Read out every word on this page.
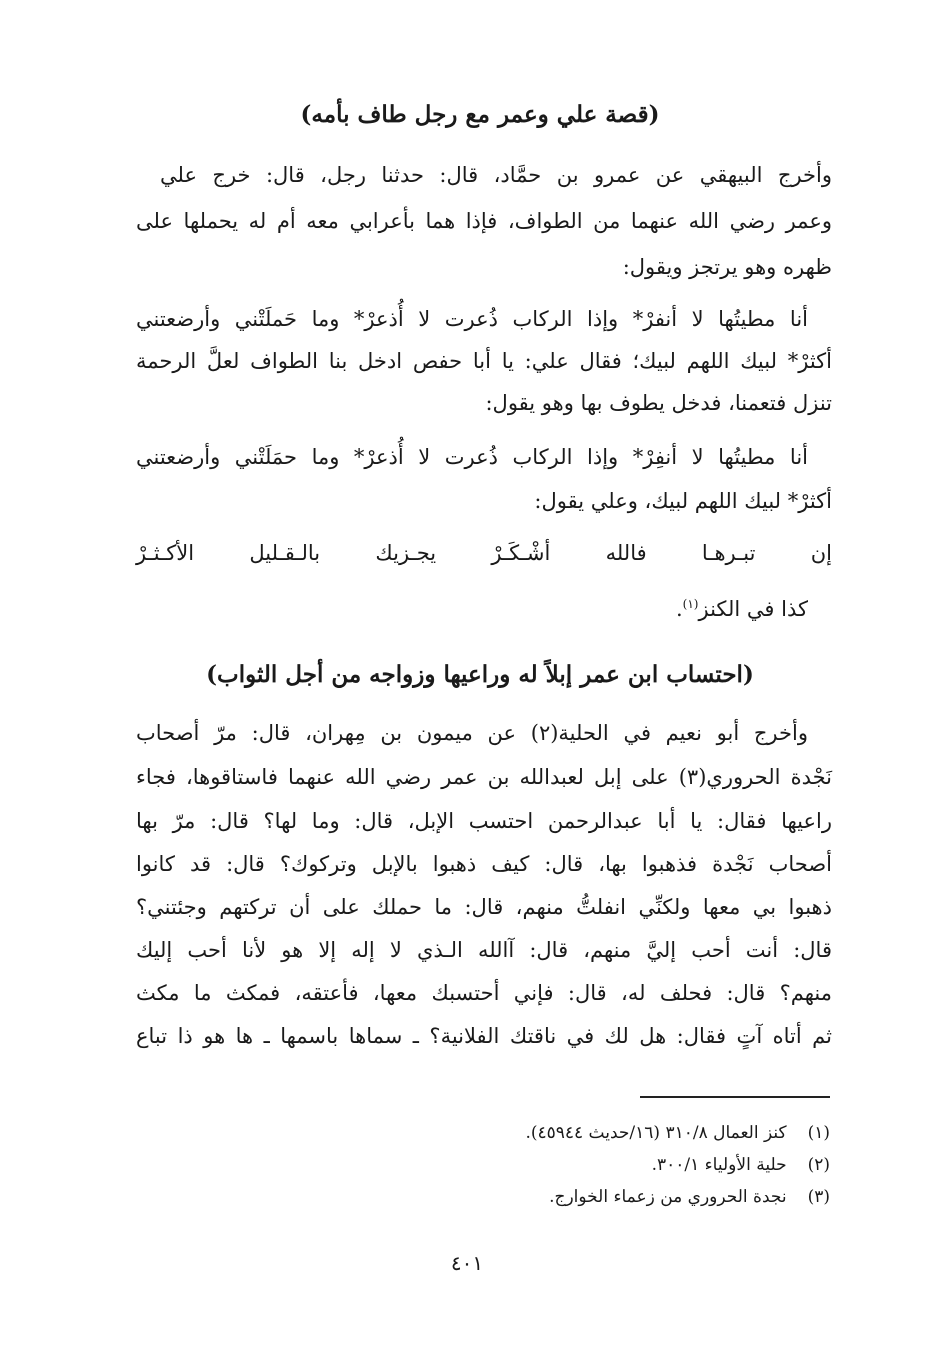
(قصة علي وعمر مع رجل طاف بأمه)
وأخرج البيهقي عن عمرو بن حمَّاد، قال: حدثنا رجل، قال: خرج علي
وعمر رضي الله عنهما من الطواف، فإذا هما بأعرابي معه أم له يحملها على
ظهره وهو يرتجز ويقول:
أنا مطيتُها لا أنفرْ* وإذا الركاب ذُعرت لا أُذعرْ* وما حَملَتْني وأرضعتني
أكثرْ* لبيك اللهم لبيك؛ فقال علي: يا أبا حفص ادخل بنا الطواف لعلَّ الرحمة
تنزل فتعمنا، فدخل يطوف بها وهو يقول:
أنا مطيتُها لا أنفِرْ* وإذا الركاب ذُعرت لا أُذعرْ* وما حمَلَتْني وأرضعتني
أكثرْ* لبيك اللهم لبيك، وعلي يقول:
إن
تبـرهـا
فالله
أشْـكَـرْ
يجـزيك
بالـقـليل
الأكـثـرْ
كذا في الكنز$^{(١)}$.
(احتساب ابن عمر إبلاً له وراعيها وزواجه من أجل الثواب)
وأخرج أبو نعيم في الحلية(٢) عن ميمون بن مِهران، قال: مرّ أصحاب
نَجْدة الحروري(٣) على إبل لعبدالله بن عمر رضي الله عنهما فاستاقوها، فجاء
راعيها فقال: يا أبا عبدالرحمن احتسب الإبل، قال: وما لها؟ قال: مرّ بها
أصحاب نَجْدة فذهبوا بها، قال: كيف ذهبوا بالإبل وتركوك؟ قال: قد كانوا
ذهبوا بي معها ولكنِّي انفلتُّ منهم، قال: ما حملك على أن تركتهم وجئتني؟
قال: أنت أحب إليَّ منهم، قال: آالله الـذي لا إله إلا هو لأنا أحب إليك
منهم؟ قال: فحلف له، قال: فإني أحتسبك معها، فأعتقه، فمكث ما مكث
ثم أتاه آتٍ فقال: هل لك في ناقتك الفلانية؟ ـ سماها باسمها ـ ها هو ذا تباع
(١) كنز العمال ٣١٠/٨ (١٦/حديث ٤٥٩٤٤).
(٢) حلية الأولياء ٣٠٠/١.
(٣) نجدة الحروري من زعماء الخوارج.
٤٠١
